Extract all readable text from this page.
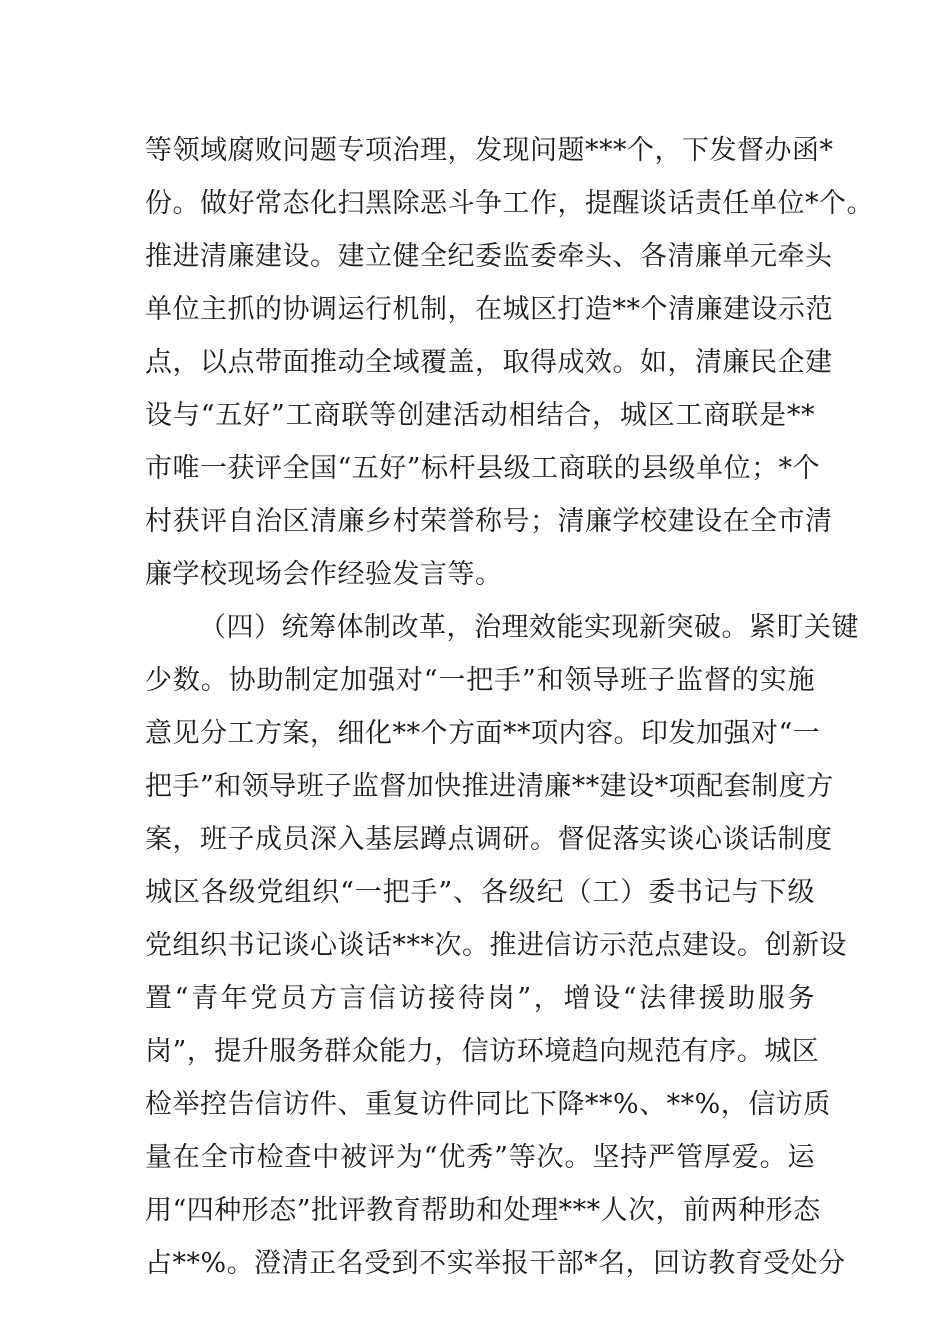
等领域腐败问题专项治理，发现问题***个，下发督办函*
份。做好常态化扫黑除恶斗争工作，提醒谈话责任单位*个。
推进清廉建设。建立健全纪委监委牵头、各清廉单元牵头
单位主抓的协调运行机制，在城区打造**个清廉建设示范
点，以点带面推动全域覆盖，取得成效。如，清廉民企建
设与“五好”工商联等创建活动相结合，城区工商联是**
市唯一获评全国“五好”标杆县级工商联的县级单位；*个
村获评自治区清廉乡村荣誉称号；清廉学校建设在全市清
廉学校现场会作经验发言等。
（四）统筹体制改革，治理效能实现新突破。紧盯关键
少数。协助制定加强对“一把手”和领导班子监督的实施
意见分工方案，细化**个方面**项内容。印发加强对“一
把手”和领导班子监督加快推进清廉**建设*项配套制度方
案，班子成员深入基层蹲点调研。督促落实谈心谈话制度
城区各级党组织“一把手”、各级纪（工）委书记与下级
党组织书记谈心谈话***次。推进信访示范点建设。创新设
置“青年党员方言信访接待岗”，增设“法律援助服务
岗”，提升服务群众能力，信访环境趋向规范有序。城区
检举控告信访件、重复访件同比下降**%、**%，信访质
量在全市检查中被评为“优秀”等次。坚持严管厚爱。运
用“四种形态”批评教育帮助和处理***人次，前两种形态
占**%。澄清正名受到不实举报干部*名，回访教育受处分
